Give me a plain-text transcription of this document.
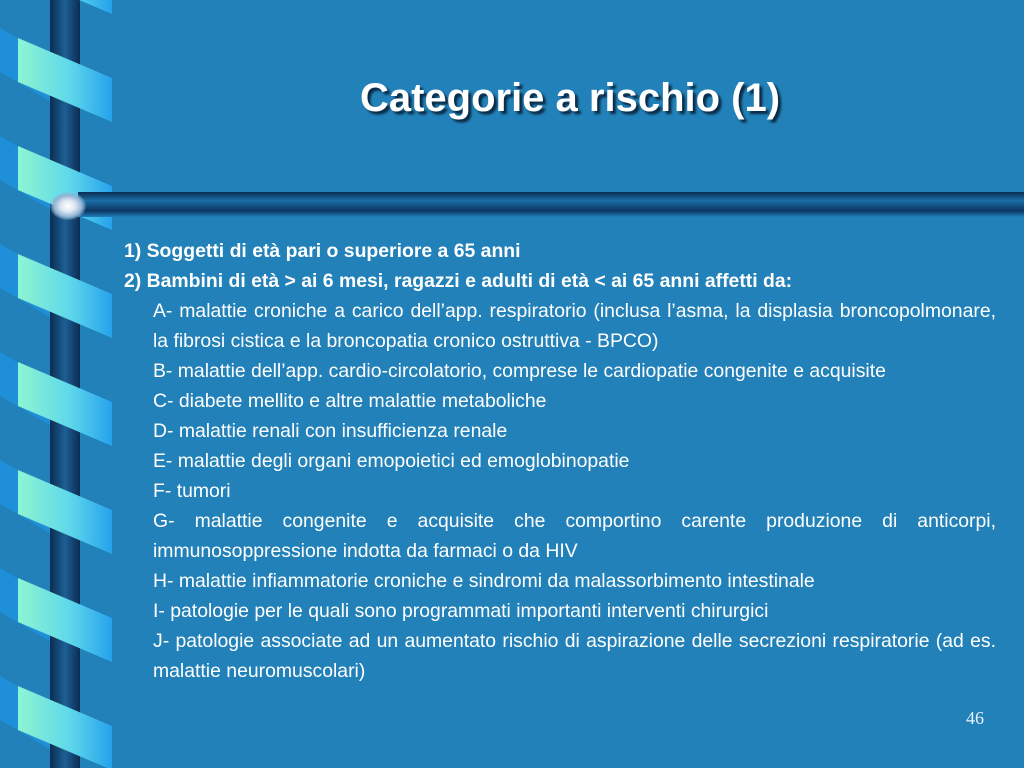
Categorie a rischio (1)

1) Soggetti di età pari o superiore a 65 anni

2) Bambini di età > ai 6 mesi, ragazzi e adulti di età < ai 65 anni affetti da:

A- malattie croniche a carico dell’app. respiratorio (inclusa l’asma, la displasia broncopolmonare, la fibrosi cistica e la broncopatia cronico ostruttiva - BPCO)

B- malattie dell’app. cardio-circolatorio, comprese le cardiopatie congenite e acquisite

C- diabete mellito e altre malattie metaboliche

D- malattie renali con insufficienza renale

E- malattie degli organi emopoietici ed emoglobinopatie

F- tumori

G- malattie congenite e acquisite che comportino carente produzione di anticorpi, immunosoppressione indotta da farmaci o da HIV

H- malattie infiammatorie croniche e sindromi da malassorbimento intestinale

I- patologie per le quali sono programmati importanti interventi chirurgici

J- patologie associate ad un aumentato rischio di aspirazione delle secrezioni respiratorie (ad es. malattie neuromuscolari)

46
